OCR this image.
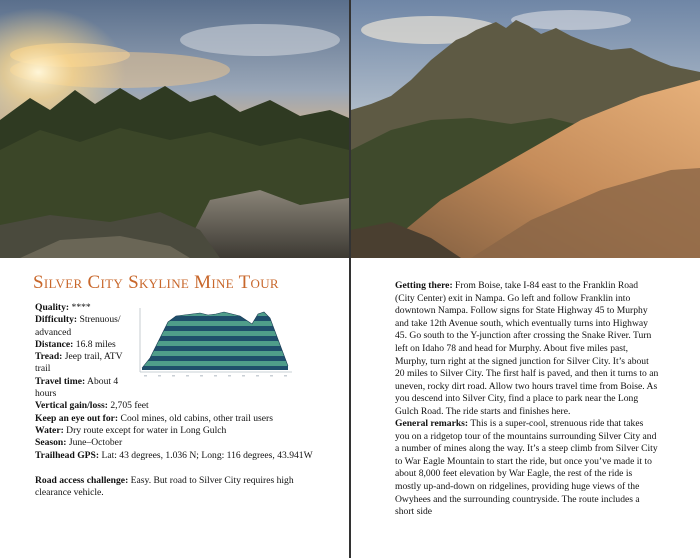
Silver City Skyline Mine Tour
Quality: ****
Difficulty: Strenuous/ advanced
Distance: 16.8 miles
Tread: Jeep trail, ATV trail
Travel time: About 4 hours
Vertical gain/loss: 2,705 feet
Keep an eye out for: Cool mines, old cabins, other trail users
Water: Dry route except for water in Long Gulch
Season: June–October
Trailhead GPS: Lat: 43 degrees, 1.036 N; Long: 116 degrees, 43.941W
Road access challenge: Easy. But road to Silver City requires high clearance vehicle.
Getting there: From Boise, take I-84 east to the Franklin Road (City Center) exit in Nampa. Go left and follow Franklin into downtown Nampa. Follow signs for State Highway 45 to Murphy and take 12th Avenue south, which eventually turns into Highway 45. Go south to the Y-junction after crossing the Snake River. Turn left on Idaho 78 and head for Murphy. About five miles past, Murphy, turn right at the signed junction for Silver City. It’s about 20 miles to Silver City. The first half is paved, and then it turns to an uneven, rocky dirt road. Allow two hours travel time from Boise. As you descend into Silver City, find a place to park near the Long Gulch Road. The ride starts and finishes here.
General remarks: This is a super-cool, strenuous ride that takes you on a ridgetop tour of the mountains surrounding Silver City and a number of mines along the way. It’s a steep climb from Silver City to War Eagle Mountain to start the ride, but once you’ve made it to about 8,000 feet elevation by War Eagle, the rest of the ride is mostly up-and-down on ridgelines, providing huge views of the Owyhees and the surrounding countryside. The route includes a short side
